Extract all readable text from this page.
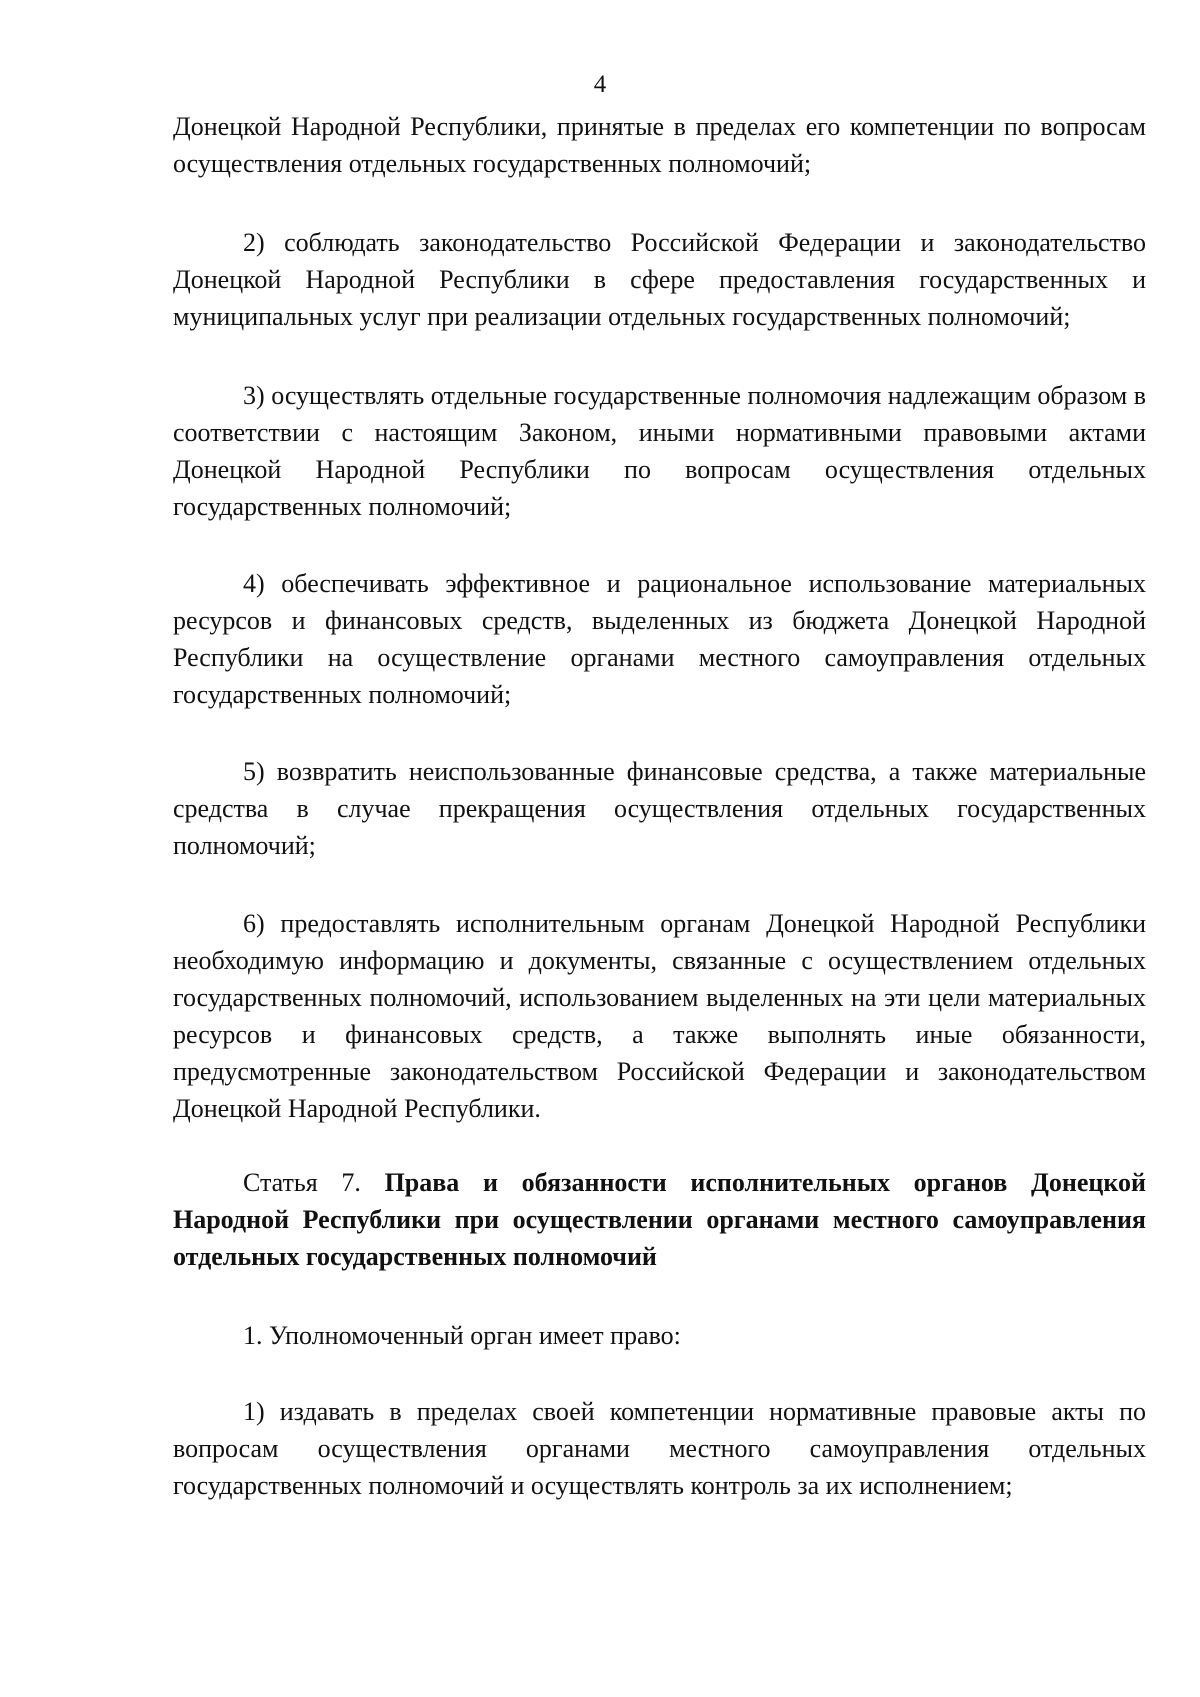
4

Донецкой Народной Республики, принятые в пределах его компетенции по вопросам осуществления отдельных государственных полномочий;

2) соблюдать законодательство Российской Федерации и законодательство Донецкой Народной Республики в сфере предоставления государственных и муниципальных услуг при реализации отдельных государственных полномочий;

3) осуществлять отдельные государственные полномочия надлежащим образом в соответствии с настоящим Законом, иными нормативными правовыми актами Донецкой Народной Республики по вопросам осуществления отдельных государственных полномочий;

4) обеспечивать эффективное и рациональное использование материальных ресурсов и финансовых средств, выделенных из бюджета Донецкой Народной Республики на осуществление органами местного самоуправления отдельных государственных полномочий;

5) возвратить неиспользованные финансовые средства, а также материальные средства в случае прекращения осуществления отдельных государственных полномочий;

6) предоставлять исполнительным органам Донецкой Народной Республики необходимую информацию и документы, связанные с осуществлением отдельных государственных полномочий, использованием выделенных на эти цели материальных ресурсов и финансовых средств, а также выполнять иные обязанности, предусмотренные законодательством Российской Федерации и законодательством Донецкой Народной Республики.

Статья 7. Права и обязанности исполнительных органов Донецкой Народной Республики при осуществлении органами местного самоуправления отдельных государственных полномочий

1. Уполномоченный орган имеет право:

1) издавать в пределах своей компетенции нормативные правовые акты по вопросам осуществления органами местного самоуправления отдельных государственных полномочий и осуществлять контроль за их исполнением;
